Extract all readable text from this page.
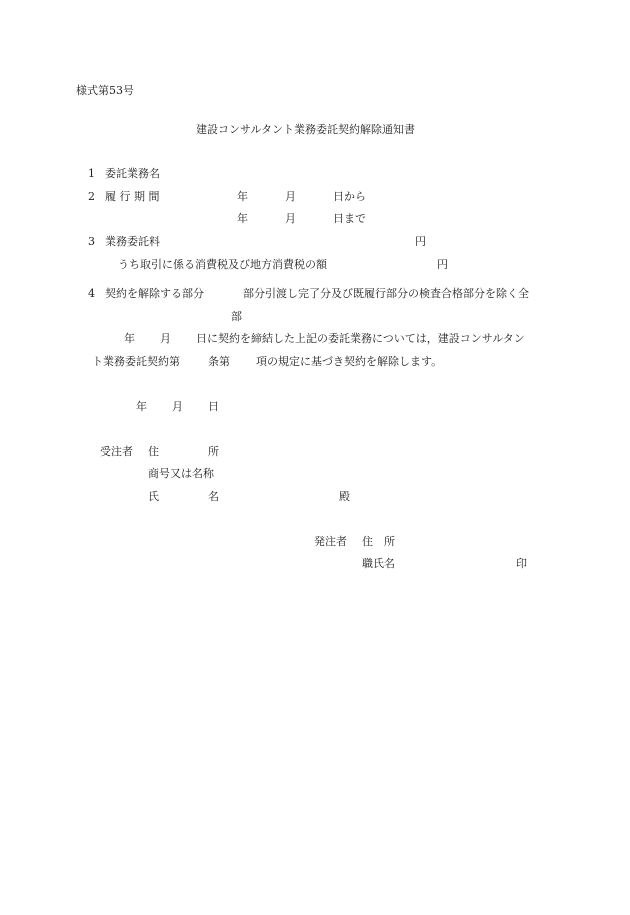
様式第53号
建設コンサルタント業務委託契約解除通知書
1 委託業務名
2 履 行 期 間	年	月	日から
年	月	日まで
3 業務委託料	円
うち取引に係る消費税及び地方消費税の額	円
4 契約を解除する部分	部分引渡し完了分及び既履行部分の検査合格部分を除く全
部
年 月 日に契約を締結した上記の委託業務については，建設コンサルタン
ト業務委託契約第	条第 項の規定に基づき契約を解除します。
年 月 日
受注者 住	所
商号又は名称
氏	名	殿
発注者 住　所
職氏名	印
